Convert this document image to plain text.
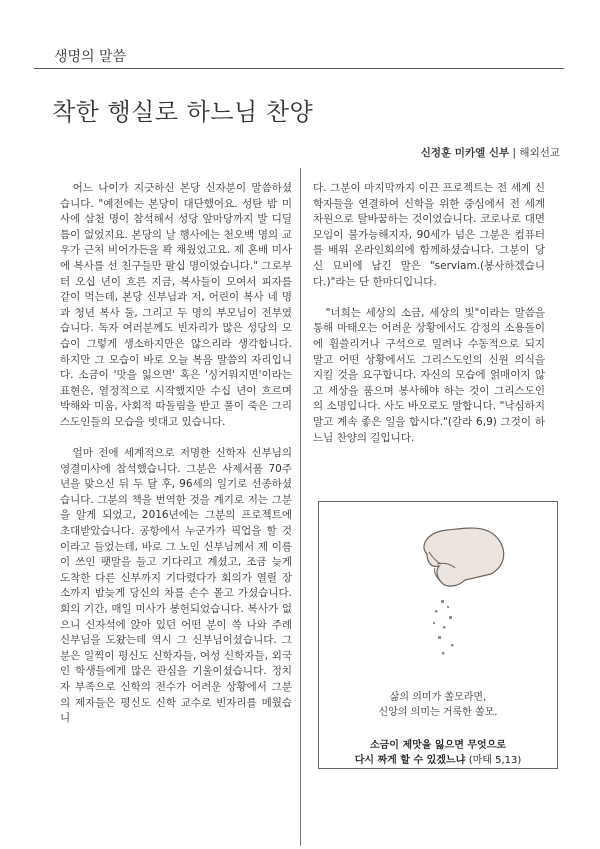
생명의 말씀
착한 행실로 하느님 찬양
신정훈 미카엘 신부 | 해외선교

어느 나이가 지긋하신 본당 신자분이 말씀하셨습니다. "예전에는 본당이 대단했어요. 성탄 밤 미사에 삼천 명이 참석해서 성당 앞마당까지 발 디딜 틈이 없었지요. 본당의 날 행사에는 천오백 명의 교우가 근처 비어가든을 꽉 채웠었고요. 제 혼배 미사에 복사를 선 친구들만 팔십 명이었습니다." 그로부터 오십 년이 흐른 지금, 복사들이 모여서 피자를 같이 먹는데, 본당 신부님과 저, 어린이 복사 네 명과 청년 복사 둘, 그리고 두 명의 부모님이 전부였습니다. 독자 여러분께도 빈자리가 많은 성당의 모습이 그렇게 생소하지만은 않으리라 생각합니다. 하지만 그 모습이 바로 오늘 복음 말씀의 자리입니다. 소금이 '맛을 잃으면' 혹은 '싱거워지면'이라는 표현은, 열정적으로 시작했지만 수십 년이 흐르며 박해와 미움, 사회적 따돌림을 받고 풀이 죽은 그리스도인들의 모습을 빗대고 있습니다.

얼마 전에 세계적으로 저명한 신학자 신부님의 영결미사에 참석했습니다. 그분은 사제서품 70주년을 맞으신 뒤 두 달 후, 96세의 일기로 선종하셨습니다. 그분의 책을 번역한 것을 계기로 저는 그분을 알게 되었고, 2016년에는 그분의 프로젝트에 초대받았습니다. 공항에서 누군가가 픽업을 할 것이라고 들었는데, 바로 그 노인 신부님께서 제 이름이 쓰인 팻말을 들고 기다리고 계셨고, 조금 늦게 도착한 다른 신부까지 기다렸다가 회의가 열릴 장소까지 밤늦게 당신의 차를 손수 몰고 가셨습니다. 회의 기간, 매일 미사가 봉헌되었습니다. 복사가 없으니 신자석에 앉아 있던 어떤 분이 쓱 나와 주례 신부님을 도왔는데 역시 그 신부님이셨습니다. 그분은 일찍이 평신도 신학자들, 여성 신학자들, 외국인 학생들에게 많은 관심을 기울이셨습니다. 정치자 부족으로 신학의 전수가 어려운 상황에서 그분의 제자들은 평신도 신학 교수로 빈자리를 메웠습니

다. 그분이 마지막까지 이끈 프로젝트는 전 세계 신학자들을 연결하여 신학을 위한 중심에서 전 세계 차원으로 탈바꿈하는 것이었습니다. 코로나로 대면 모임이 불가능해지자, 90세가 넘은 그분은 컴퓨터를 배워 온라인회의에 함께하셨습니다. 그분이 당신 묘비에 남긴 말은 "serviam.(봉사하겠습니다.)"라는 단 한마디입니다.

"너희는 세상의 소금, 세상의 빛"이라는 말씀을 통해 마태오는 어려운 상황에서도 감정의 소용돌이에 휩쓸리거나 구석으로 밀려나 수동적으로 되지 말고 어떤 상황에서도 그리스도인의 신원 의식을 지킬 것을 요구합니다. 자신의 모습에 얽매이지 않고 세상을 품으며 봉사해야 하는 것이 그리스도인의 소명입니다. 사도 바오로도 말합니다. "낙심하지 말고 계속 좋은 일을 합시다."(갈라 6,9) 그것이 하느님 찬양의 길입니다.

삶의 의미가 쏠모라면,
신앙의 의미는 거룩한 쏠모.
소금이 제맛을 잃으면 무엇으로
다시 짜게 할 수 있겠느냐 (마태 5,13)
